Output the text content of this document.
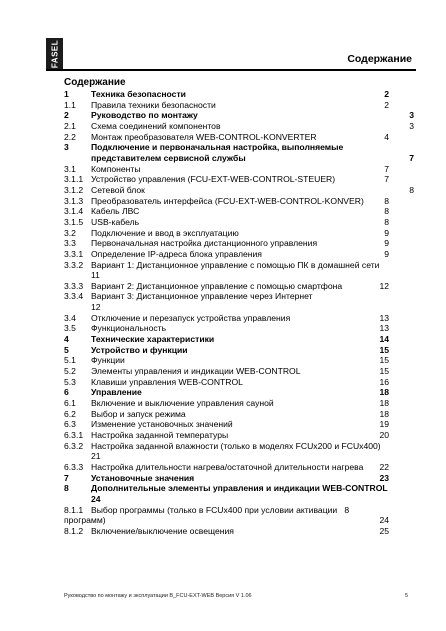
FASEL	Содержание
Содержание
1	Техника безопасности	2
1.1	Правила техники безопасности	2
2	Руководство по монтажу	3
2.1	Схема соединений компонентов	3
2.2	Монтаж преобразователя WEB-CONTROL-KONVERTER	4
3	Подключение и первоначальная настройка, выполняемые представителем сервисной службы	7
3.1	Компоненты	7
3.1.1 Устройство управления (FCU-EXT-WEB-CONTROL-STEUER)	7
3.1.2 Сетевой блок	8
3.1.3 Преобразователь интерфейса (FCU-EXT-WEB-CONTROL-KONVER)	8
3.1.4 Кабель ЛВС	8
3.1.5 USB-кабель	8
3.2	Подключение и ввод в эксплуатацию	9
3.3	Первоначальная настройка дистанционного управления	9
3.3.1 Определение IP-адреса блока управления	9
3.3.2 Вариант 1: Дистанционное управление с помощью ПК в домашней сети
11
3.3.3 Вариант 2: Дистанционное управление с помощью смартфона	12
3.3.4 Вариант 3: Дистанционное управление через Интернет
12
3.4	Отключение и перезапуск устройства управления	13
3.5	Функциональность	13
4	Технические характеристики	14
5	Устройство и функции	15
5.1	Функции	15
5.2	Элементы управления и индикации WEB-CONTROL	15
5.3	Клавиши управления WEB-CONTROL	16
6	Управление	18
6.1	Включение и выключение управления сауной	18
6.2	Выбор и запуск режима	18
6.3	Изменение установочных значений	19
6.3.1 Настройка заданной температуры	20
6.3.2 Настройка заданной влажности (только в моделях FCUx200 и FCUx400)
21
6.3.3 Настройка длительности нагрева/остаточной длительности нагрева	22
7	Установочные значения	23
8	Дополнительные элементы управления и индикации WEB-CONTROL
24
8.1.1 Выбор программы (только в FCUx400 при условии активации 8
программ)	24
8.1.2 Включение/выключение освещения	25
Руководство по монтажу и эксплуатации B_FCU-EXT-WEB Версия V 1.06	5
